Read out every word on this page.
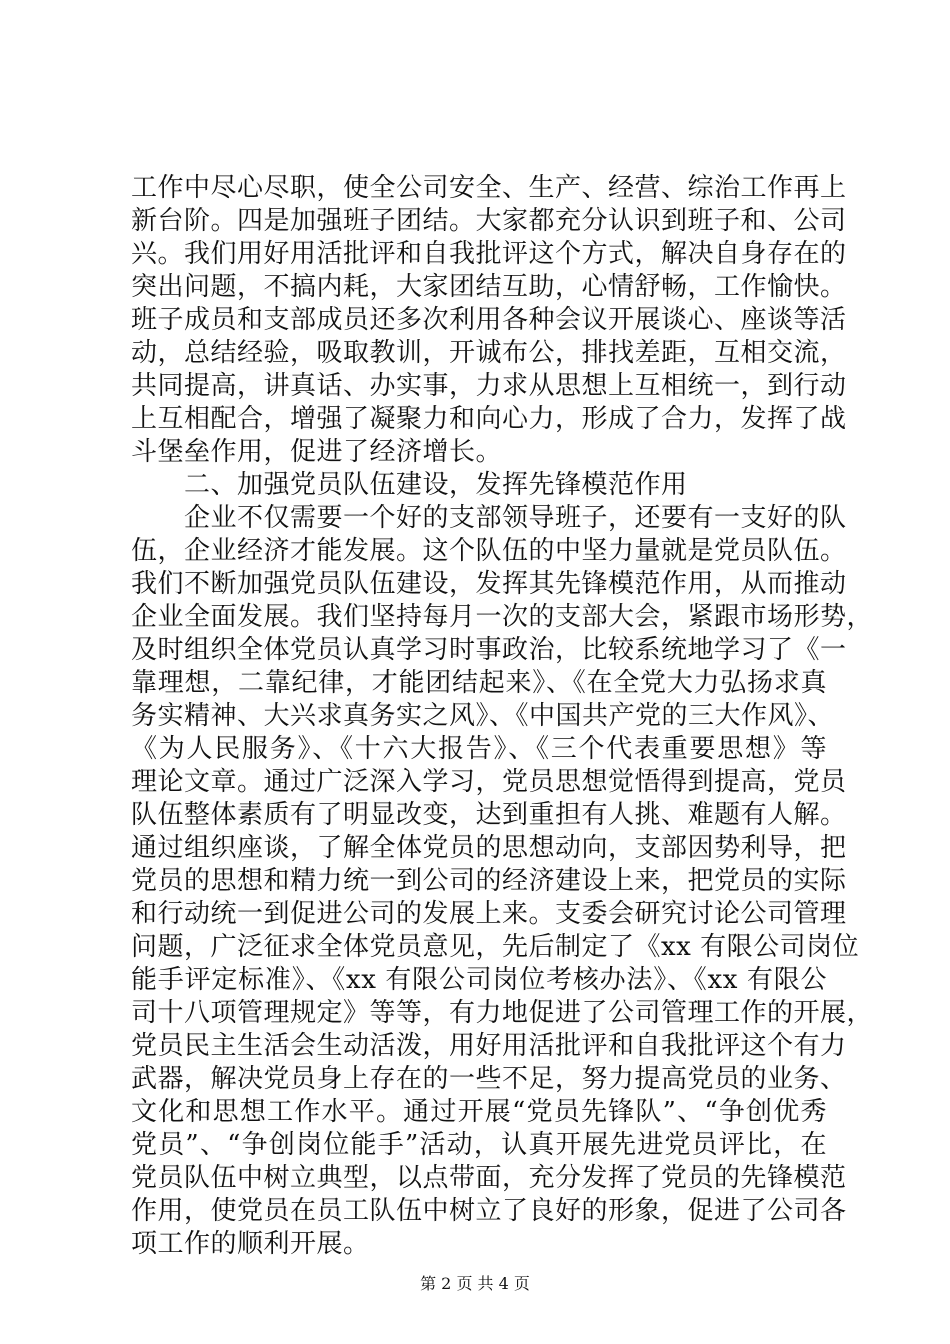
工作中尽心尽职，使全公司安全、生产、经营、综治工作再上
新台阶。四是加强班子团结。大家都充分认识到班子和、公司
兴。我们用好用活批评和自我批评这个方式，解决自身存在的
突出问题，不搞内耗，大家团结互助，心情舒畅，工作愉快。
班子成员和支部成员还多次利用各种会议开展谈心、座谈等活
动，总结经验，吸取教训，开诚布公，排找差距，互相交流，
共同提高，讲真话、办实事，力求从思想上互相统一，到行动
上互相配合，增强了凝聚力和向心力，形成了合力，发挥了战
斗堡垒作用，促进了经济增长。
　　二、加强党员队伍建设，发挥先锋模范作用
　　企业不仅需要一个好的支部领导班子，还要有一支好的队
伍，企业经济才能发展。这个队伍的中坚力量就是党员队伍。
我们不断加强党员队伍建设，发挥其先锋模范作用，从而推动
企业全面发展。我们坚持每月一次的支部大会，紧跟市场形势，
及时组织全体党员认真学习时事政治，比较系统地学习了《一
靠理想，二靠纪律，才能团结起来》、《在全党大力弘扬求真
务实精神、大兴求真务实之风》、《中国共产党的三大作风》、
《为人民服务》、《十六大报告》、《三个代表重要思想》等
理论文章。通过广泛深入学习，党员思想觉悟得到提高，党员
队伍整体素质有了明显改变，达到重担有人挑、难题有人解。
通过组织座谈，了解全体党员的思想动向，支部因势利导，把
党员的思想和精力统一到公司的经济建设上来，把党员的实际
和行动统一到促进公司的发展上来。支委会研究讨论公司管理
问题，广泛征求全体党员意见，先后制定了《xx 有限公司岗位
能手评定标准》、《xx 有限公司岗位考核办法》、《xx 有限公
司十八项管理规定》等等，有力地促进了公司管理工作的开展，
党员民主生活会生动活泼，用好用活批评和自我批评这个有力
武器，解决党员身上存在的一些不足，努力提高党员的业务、
文化和思想工作水平。通过开展“党员先锋队”、“争创优秀
党员”、“争创岗位能手”活动，认真开展先进党员评比，在
党员队伍中树立典型，以点带面，充分发挥了党员的先锋模范
作用，使党员在员工队伍中树立了良好的形象，促进了公司各
项工作的顺利开展。
第 2 页 共 4 页
